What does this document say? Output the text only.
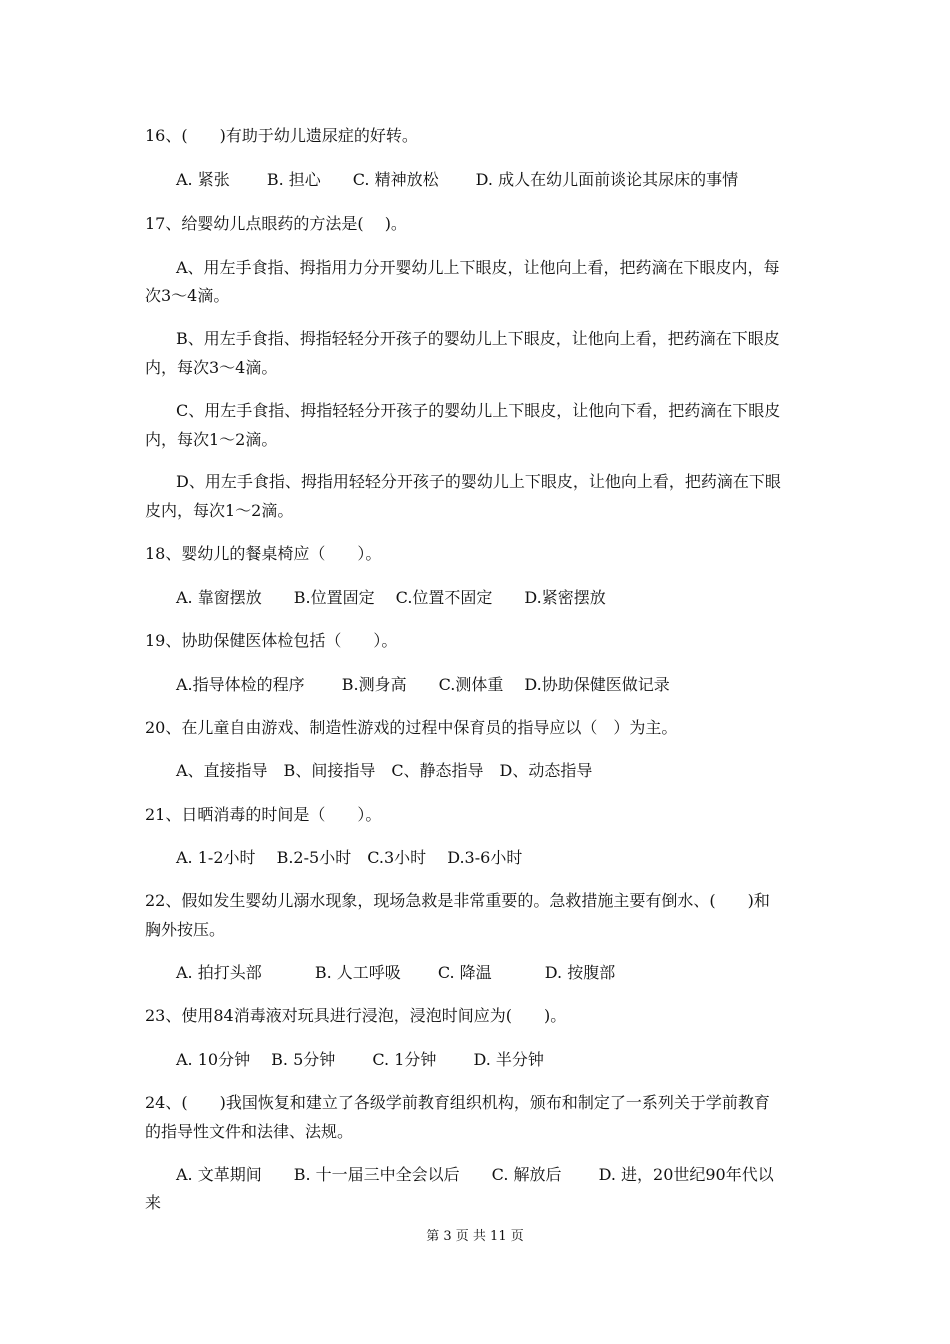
16、(　　)有助于幼儿遗尿症的好转。
A. 紧张　　 B. 担心　　C. 精神放松　　 D. 成人在幼儿面前谈论其尿床的事情
17、给婴幼儿点眼药的方法是(　 )。
A、用左手食指、拇指用力分开婴幼儿上下眼皮，让他向上看，把药滴在下眼皮内，每
次3～4滴。
B、用左手食指、拇指轻轻分开孩子的婴幼儿上下眼皮，让他向上看，把药滴在下眼皮
内，每次3～4滴。
C、用左手食指、拇指轻轻分开孩子的婴幼儿上下眼皮，让他向下看，把药滴在下眼皮
内，每次1～2滴。
D、用左手食指、拇指用轻轻分开孩子的婴幼儿上下眼皮，让他向上看，把药滴在下眼
皮内，每次1～2滴。
18、婴幼儿的餐桌椅应（　　）。
A. 靠窗摆放　　B.位置固定　 C.位置不固定　　D.紧密摆放
19、协助保健医体检包括（　　）。
A.指导体检的程序　　 B.测身高　　C.测体重　 D.协助保健医做记录
20、在儿童自由游戏、制造性游戏的过程中保育员的指导应以（　）为主。
A、直接指导　B、间接指导　C、静态指导　D、动态指导
21、日晒消毒的时间是（　　）。
A. 1-2小时　 B.2-5小时　C.3小时　 D.3-6小时
22、假如发生婴幼儿溺水现象，现场急救是非常重要的。急救措施主要有倒水、(　　)和
胸外按压。
A. 拍打头部　　　 B. 人工呼吸　　 C. 降温　　　 D. 按腹部
23、使用84消毒液对玩具进行浸泡，浸泡时间应为(　　)。
A. 10分钟　 B. 5分钟　　 C. 1分钟　　 D. 半分钟
24、(　　)我国恢复和建立了各级学前教育组织机构，颁布和制定了一系列关于学前教育
的指导性文件和法律、法规。
A. 文革期间　　B. 十一届三中全会以后　　C. 解放后　　 D. 进，20世纪90年代以
来
第 3 页 共 11 页
